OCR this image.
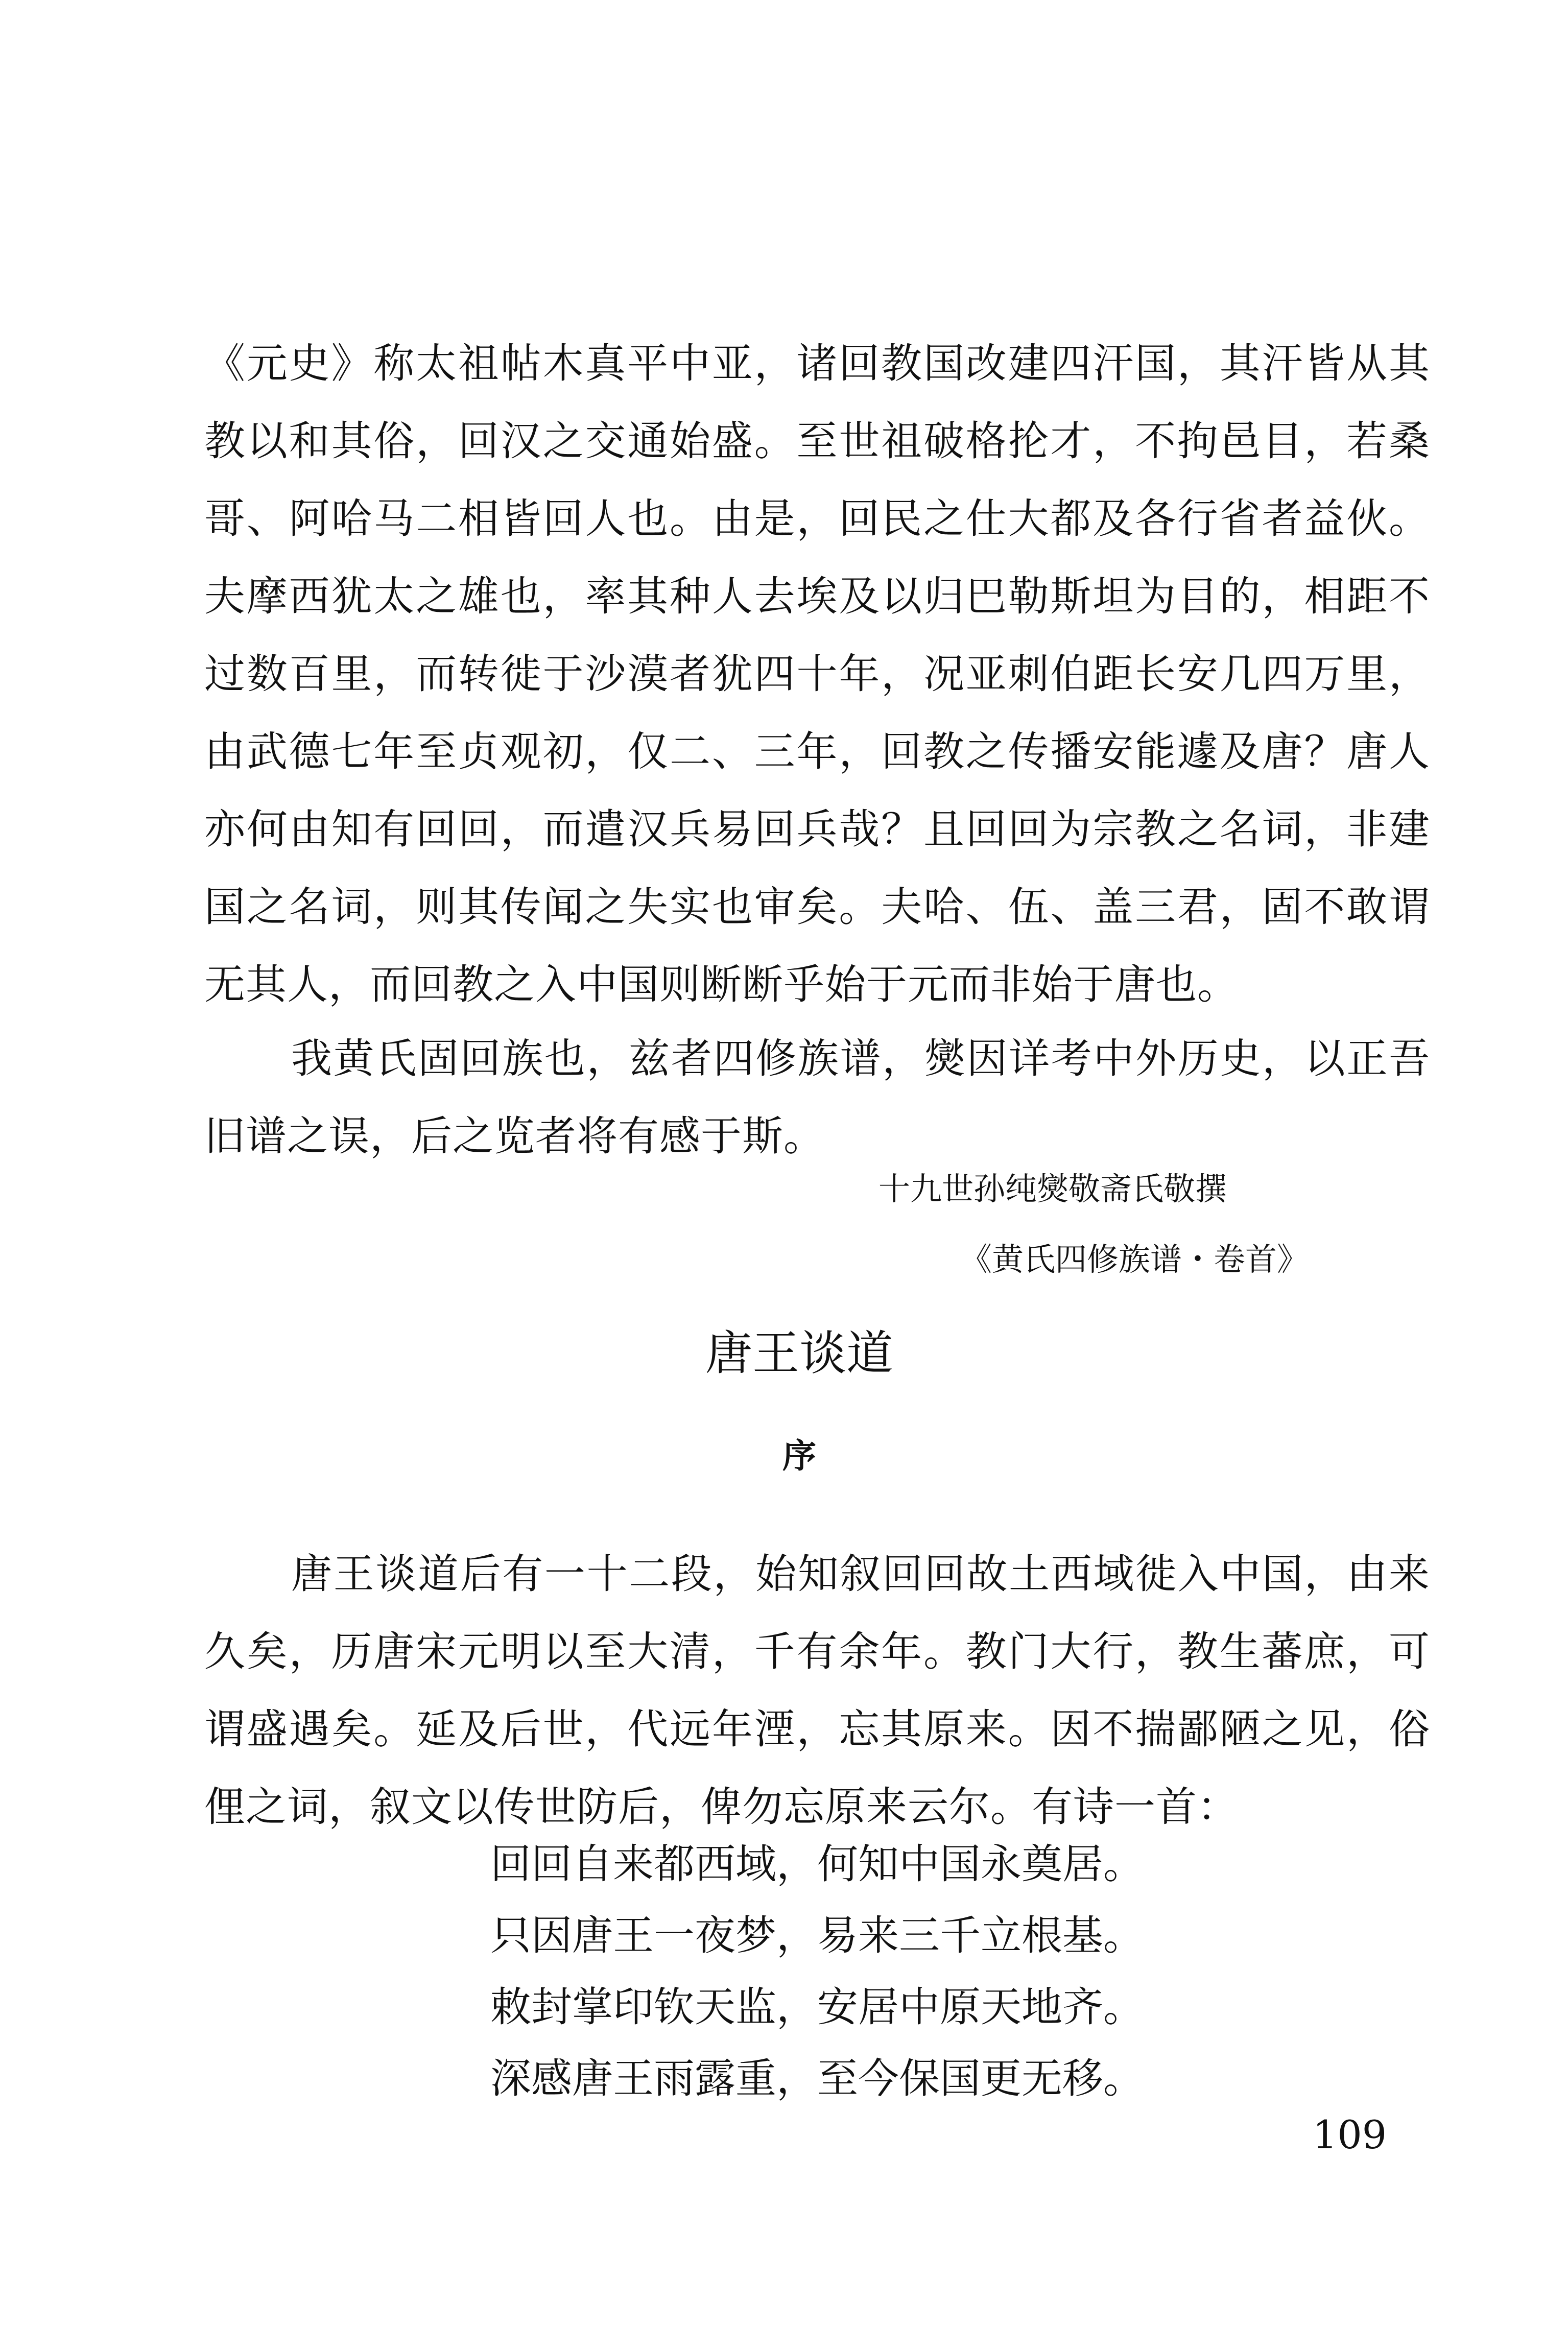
《元史》称太祖帖木真平中亚，诸回教国改建四汗国，其汗皆从其教以和其俗，回汉之交通始盛。至世祖破格抡才，不拘邑目，若桑哥、阿哈马二相皆回人也。由是，回民之仕大都及各行省者益伙。夫摩西犹太之雄也，率其种人去埃及以归巴勒斯坦为目的，相距不过数百里，而转徙于沙漠者犹四十年，况亚刺伯距长安几四万里，由武德七年至贞观初，仅二、三年，回教之传播安能遽及唐？唐人亦何由知有回回，而遣汉兵易回兵哉？且回回为宗教之名词，非建国之名词，则其传闻之失实也审矣。夫哈、伍、盖三君，固不敢谓无其人，而回教之入中国则断断乎始于元而非始于唐也。

我黄氏固回族也，兹者四修族谱，爕因详考中外历史，以正吾旧谱之误，后之览者将有感于斯。

十九世孙纯爕敬斋氏敬撰
《黄氏四修族谱・卷首》
唐王谈道
序

唐王谈道后有一十二段，始知叙回回故土西域徙入中国，由来久矣，历唐宋元明以至大清，千有余年。教门大行，教生蕃庶，可谓盛遇矣。延及后世，代远年湮，忘其原来。因不揣鄙陋之见，俗俚之词，叙文以传世防后，俾勿忘原来云尔。有诗一首：

回回自来都西域，何知中国永奠居。
只因唐王一夜梦，易来三千立根基。
敕封掌印钦天监，安居中原天地齐。
深感唐王雨露重，至今保国更无移。
109
